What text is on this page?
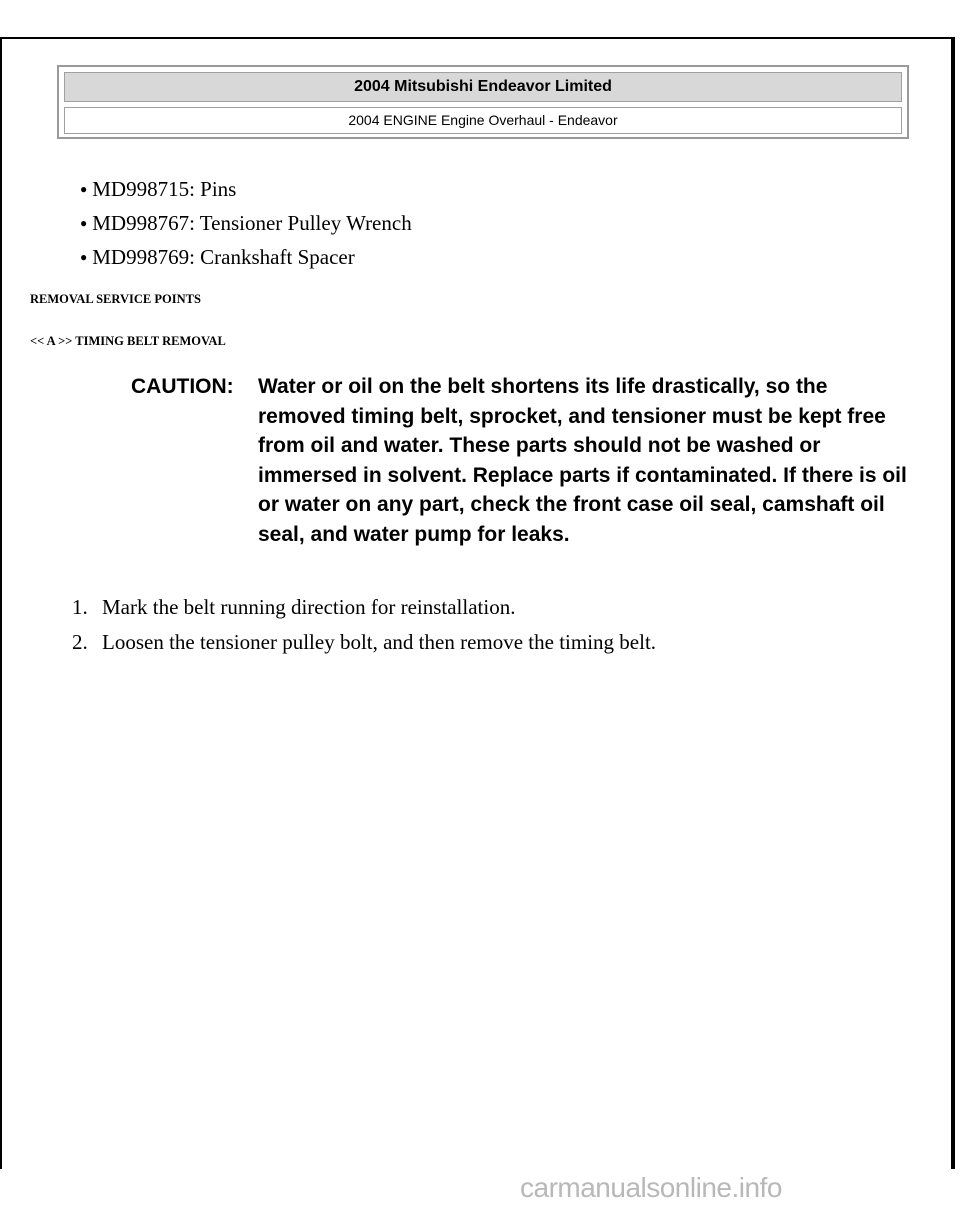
2004 Mitsubishi Endeavor Limited
2004 ENGINE Engine Overhaul - Endeavor
● MD998715: Pins
● MD998767: Tensioner Pulley Wrench
● MD998769: Crankshaft Spacer
REMOVAL SERVICE POINTS
<< A >> TIMING BELT REMOVAL
CAUTION: Water or oil on the belt shortens its life drastically, so the removed timing belt, sprocket, and tensioner must be kept free from oil and water. These parts should not be washed or immersed in solvent. Replace parts if contaminated. If there is oil or water on any part, check the front case oil seal, camshaft oil seal, and water pump for leaks.
1. Mark the belt running direction for reinstallation.
2. Loosen the tensioner pulley bolt, and then remove the timing belt.
carmanualsonline.info
